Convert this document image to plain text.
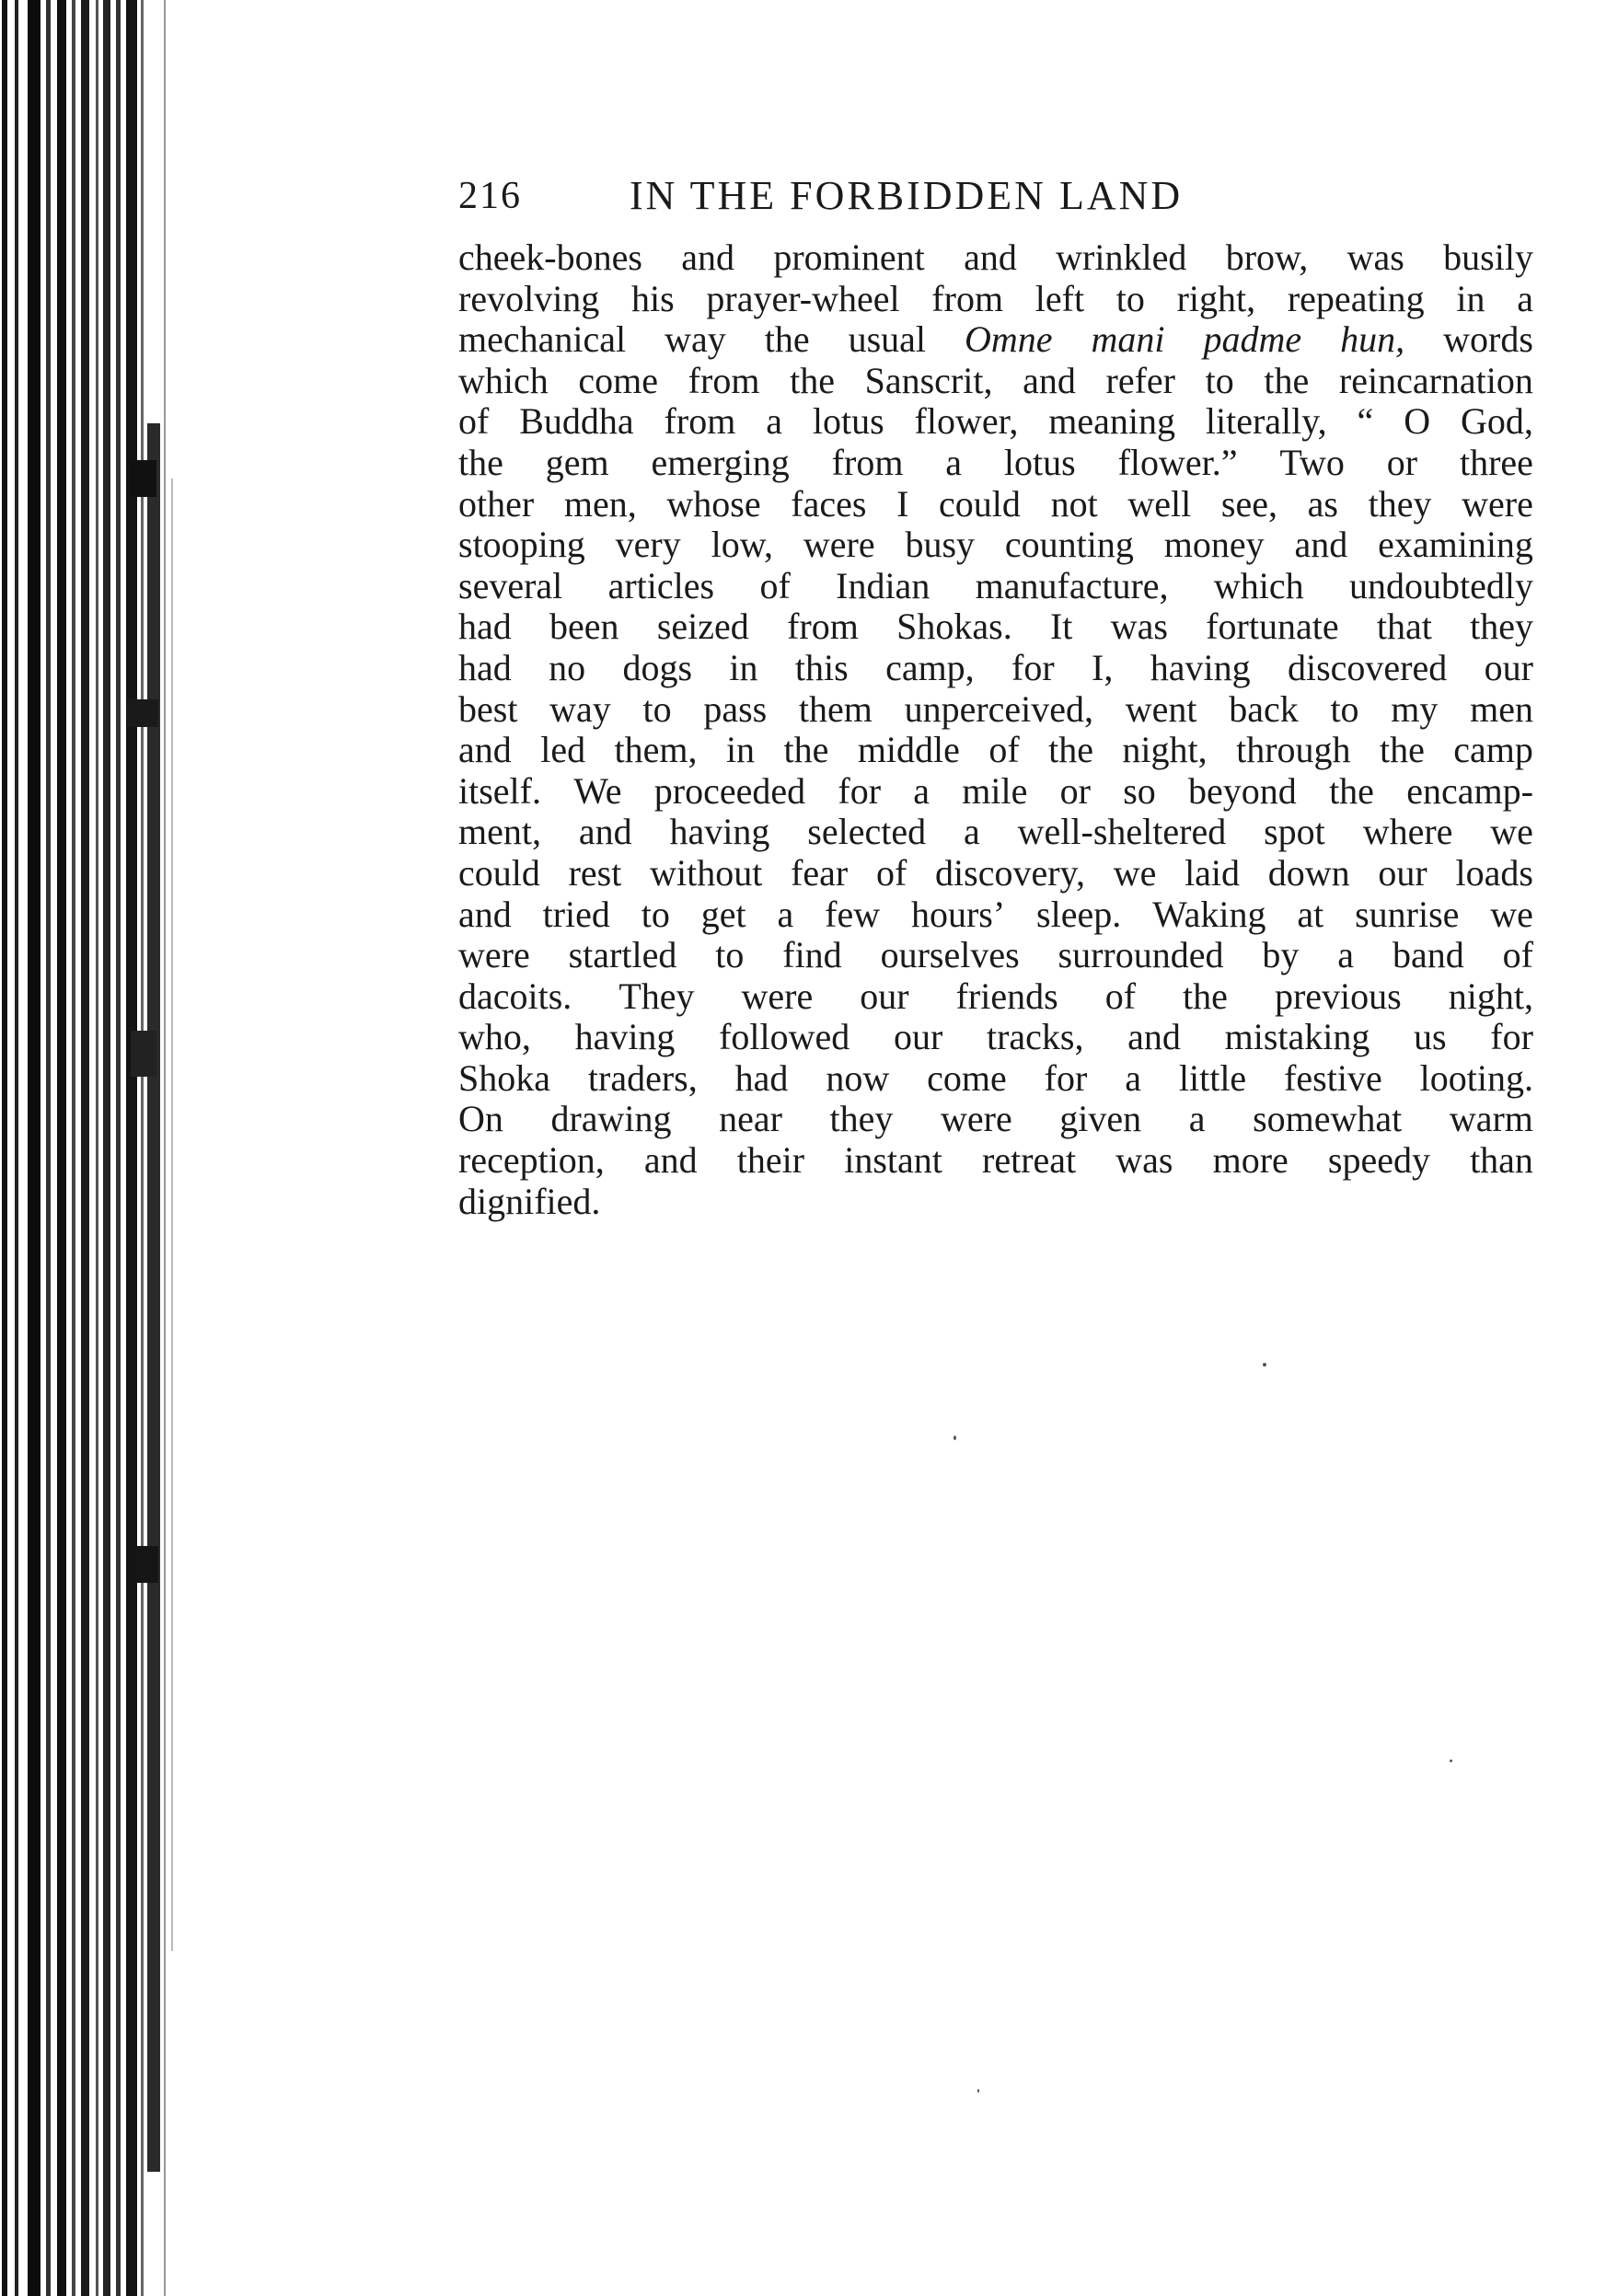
216	IN THE FORBIDDEN LAND
cheek-bones and prominent and wrinkled brow, was busily
revolving his prayer-wheel from left to right, repeating in a
mechanical way the usual Omne mani padme hun, words
which come from the Sanscrit, and refer to the reincarnation
of Buddha from a lotus flower, meaning literally, “ O God,
the gem emerging from a lotus flower.” Two or three
other men, whose faces I could not well see, as they were
stooping very low, were busy counting money and examining
several articles of Indian manufacture, which undoubtedly
had been seized from Shokas. It was fortunate that they
had no dogs in this camp, for I, having discovered our
best way to pass them unperceived, went back to my men
and led them, in the middle of the night, through the camp
itself. We proceeded for a mile or so beyond the encamp-
ment, and having selected a well-sheltered spot where we
could rest without fear of discovery, we laid down our loads
and tried to get a few hours’ sleep. Waking at sunrise we
were startled to find ourselves surrounded by a band of
dacoits. They were our friends of the previous night,
who, having followed our tracks, and mistaking us for
Shoka traders, had now come for a little festive looting.
On drawing near they were given a somewhat warm
reception, and their instant retreat was more speedy than
dignified.
